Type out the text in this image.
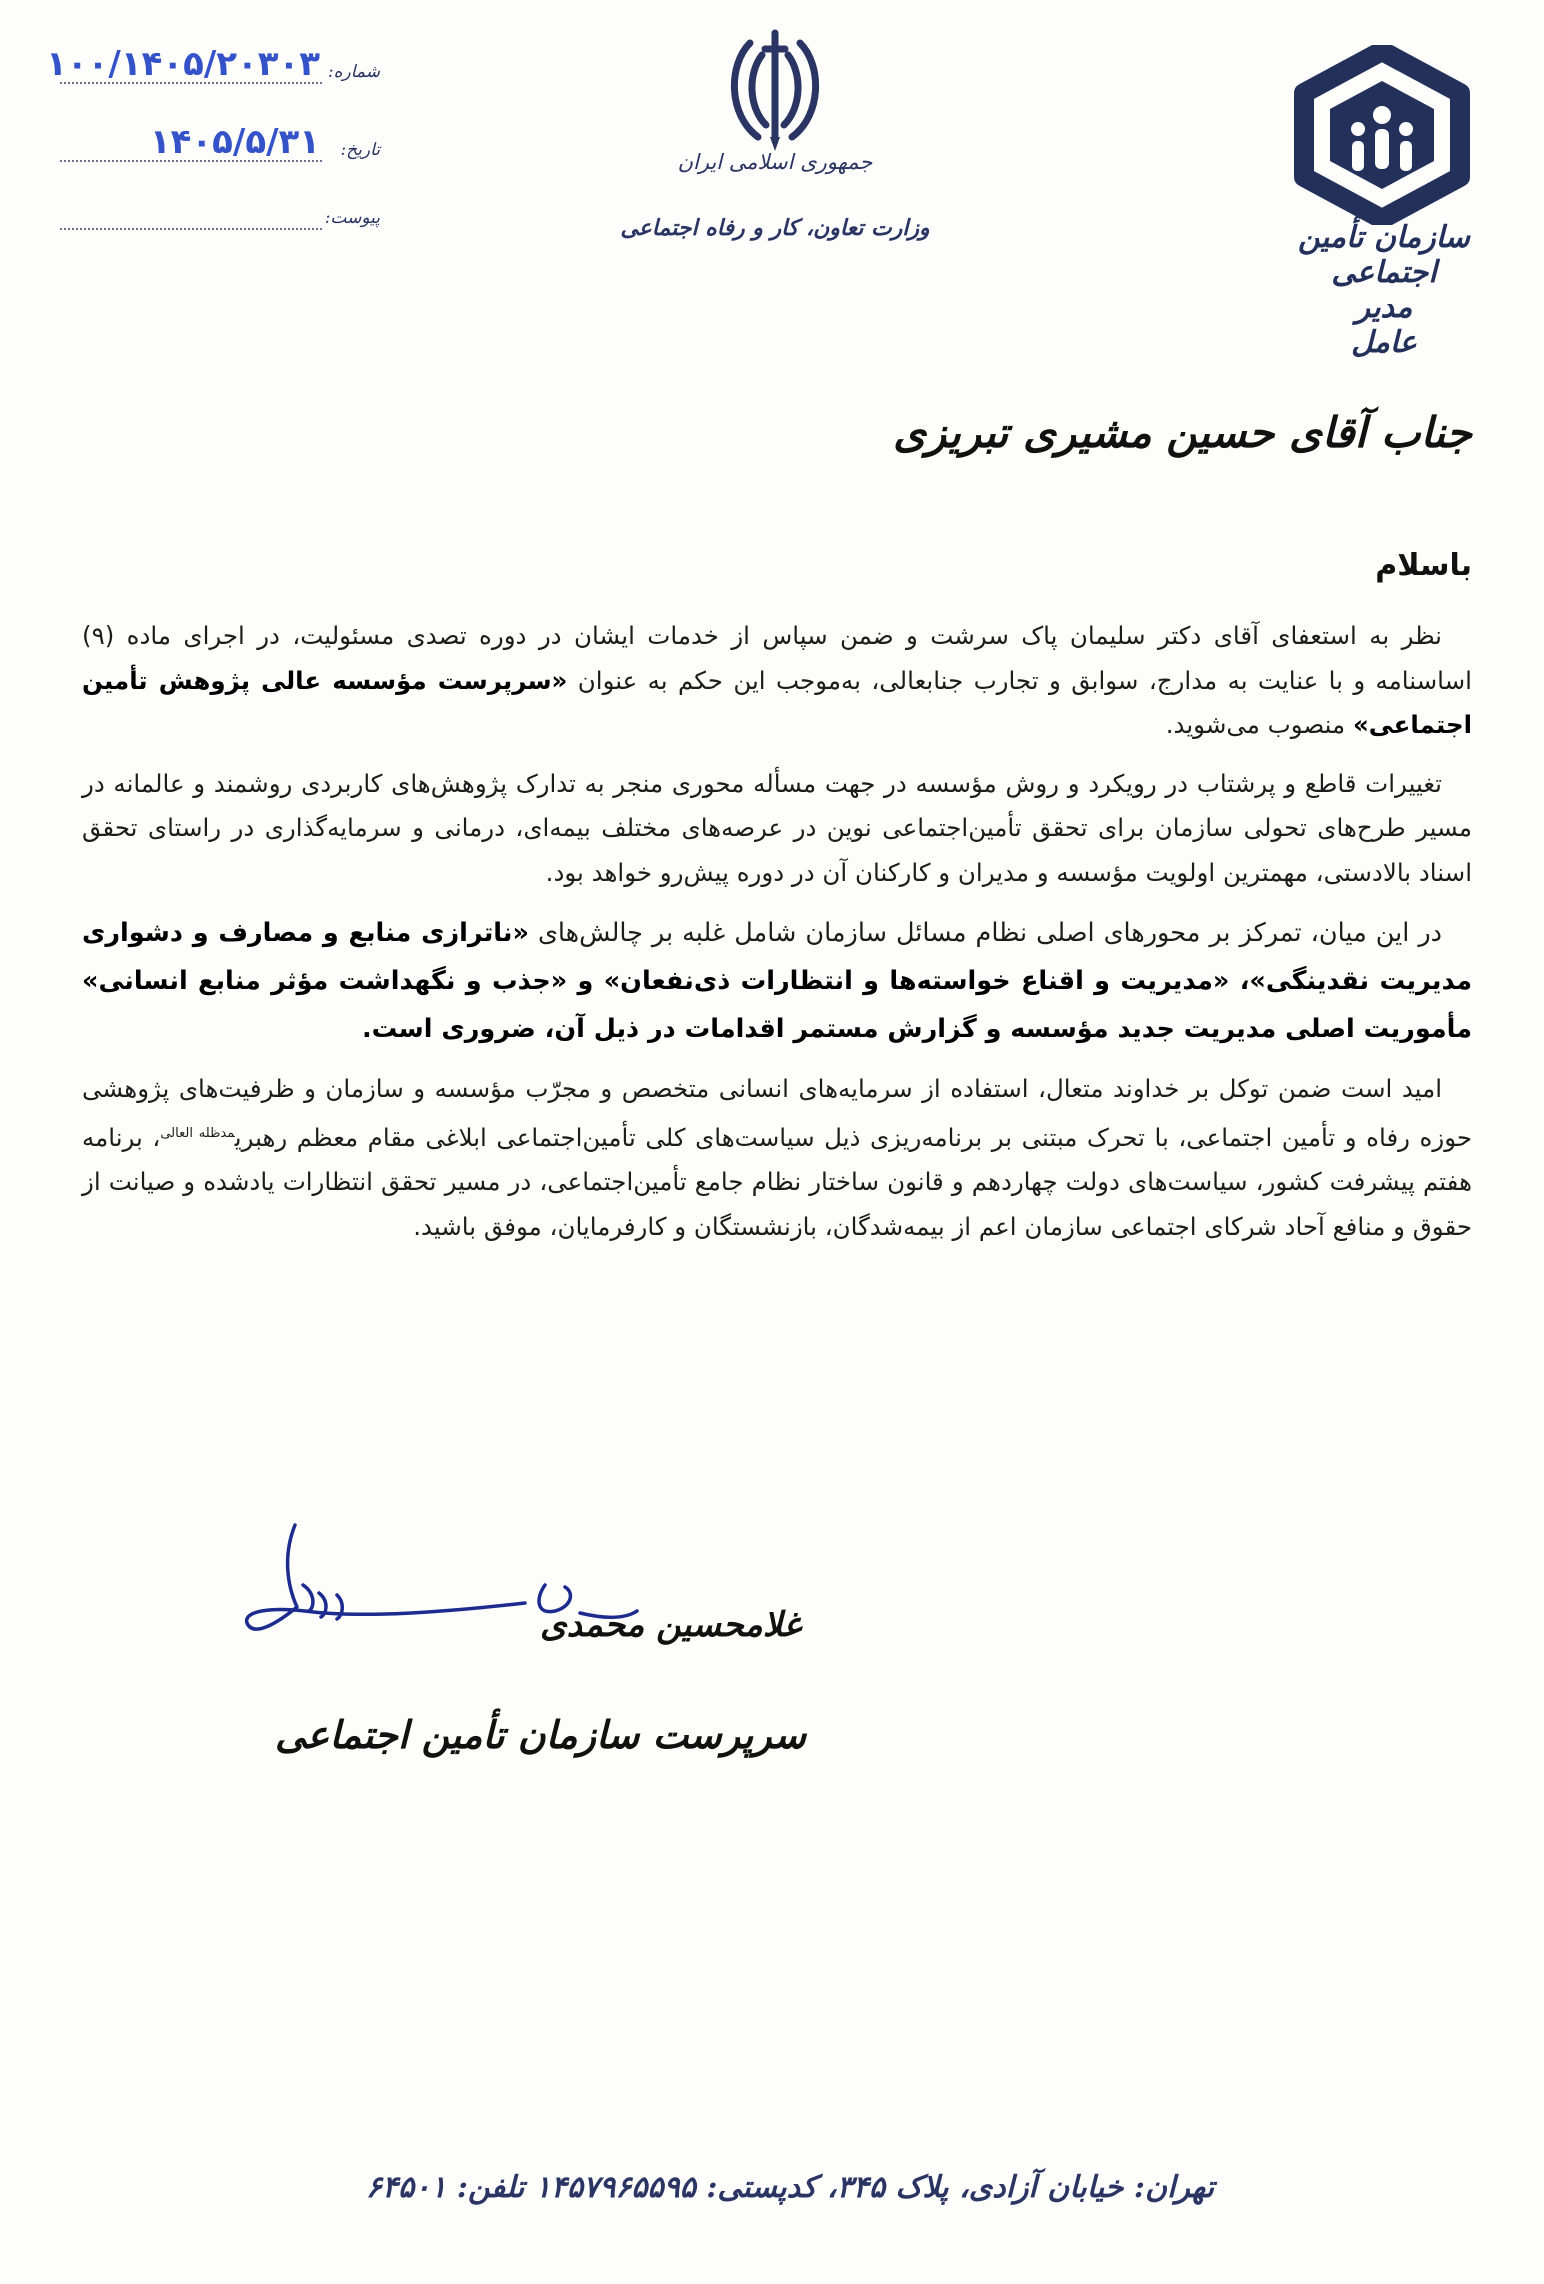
سازمان تأمین اجتماعی
مدیر عامل
جمهوری اسلامی ایران
وزارت تعاون، کار و رفاه اجتماعی
شماره:
۱۰۰/۱۴۰۵/۲۰۳۰۳
تاریخ:
۱۴۰۵/۵/۳۱
پیوست:
جناب آقای حسین مشیری تبریزی
باسلام

نظر به استعفای آقای دکتر سلیمان پاک سرشت و ضمن سپاس از خدمات ایشان در دوره تصدی مسئولیت، در اجرای ماده (۹) اساسنامه و با عنایت به مدارج، سوابق و تجارب جنابعالی، به‌موجب این حکم به عنوان «سرپرست مؤسسه عالی پژوهش تأمین اجتماعی» منصوب می‌شوید.

تغییرات قاطع و پرشتاب در رویکرد و روش مؤسسه در جهت مسأله محوری منجر به تدارک پژوهش‌های کاربردی روشمند و عالمانه در مسیر طرح‌های تحولی سازمان برای تحقق تأمین‌اجتماعی نوین در عرصه‌های مختلف بیمه‌ای، درمانی و سرمایه‌گذاری در راستای تحقق اسناد بالادستی، مهمترین اولویت مؤسسه و مدیران و کارکنان آن در دوره پیش‌رو خواهد بود.

در این میان، تمرکز بر محورهای اصلی نظام مسائل سازمان شامل غلبه بر چالش‌های «ناترازی منابع و مصارف و دشواری مدیریت نقدینگی»، «مدیریت و اقناع خواسته‌ها و انتظارات ذی‌نفعان» و «جذب و نگهداشت مؤثر منابع انسانی» مأموریت اصلی مدیریت جدید مؤسسه و گزارش مستمر اقدامات در ذیل آن، ضروری است.

امید است ضمن توکل بر خداوند متعال، استفاده از سرمایه‌های انسانی متخصص و مجرّب مؤسسه و سازمان و ظرفیت‌های پژوهشی حوزه رفاه و تأمین اجتماعی، با تحرک مبتنی بر برنامه‌ریزی ذیل سیاست‌های کلی تأمین‌اجتماعی ابلاغی مقام معظم رهبری$^{مدظله العالی}$، برنامه هفتم پیشرفت کشور، سیاست‌های دولت چهاردهم و قانون ساختار نظام جامع تأمین‌اجتماعی، در مسیر تحقق انتظارات یادشده و صیانت از حقوق و منافع آحاد شرکای اجتماعی سازمان اعم از بیمه‌شدگان، بازنشستگان و کارفرمایان، موفق باشید.

غلامحسین محمدی
سرپرست سازمان تأمین اجتماعی
تهران: خیابان آزادی، پلاک ۳۴۵، کدپستی: ۱۴۵۷۹۶۵۵۹۵ تلفن: ۶۴۵۰۱
